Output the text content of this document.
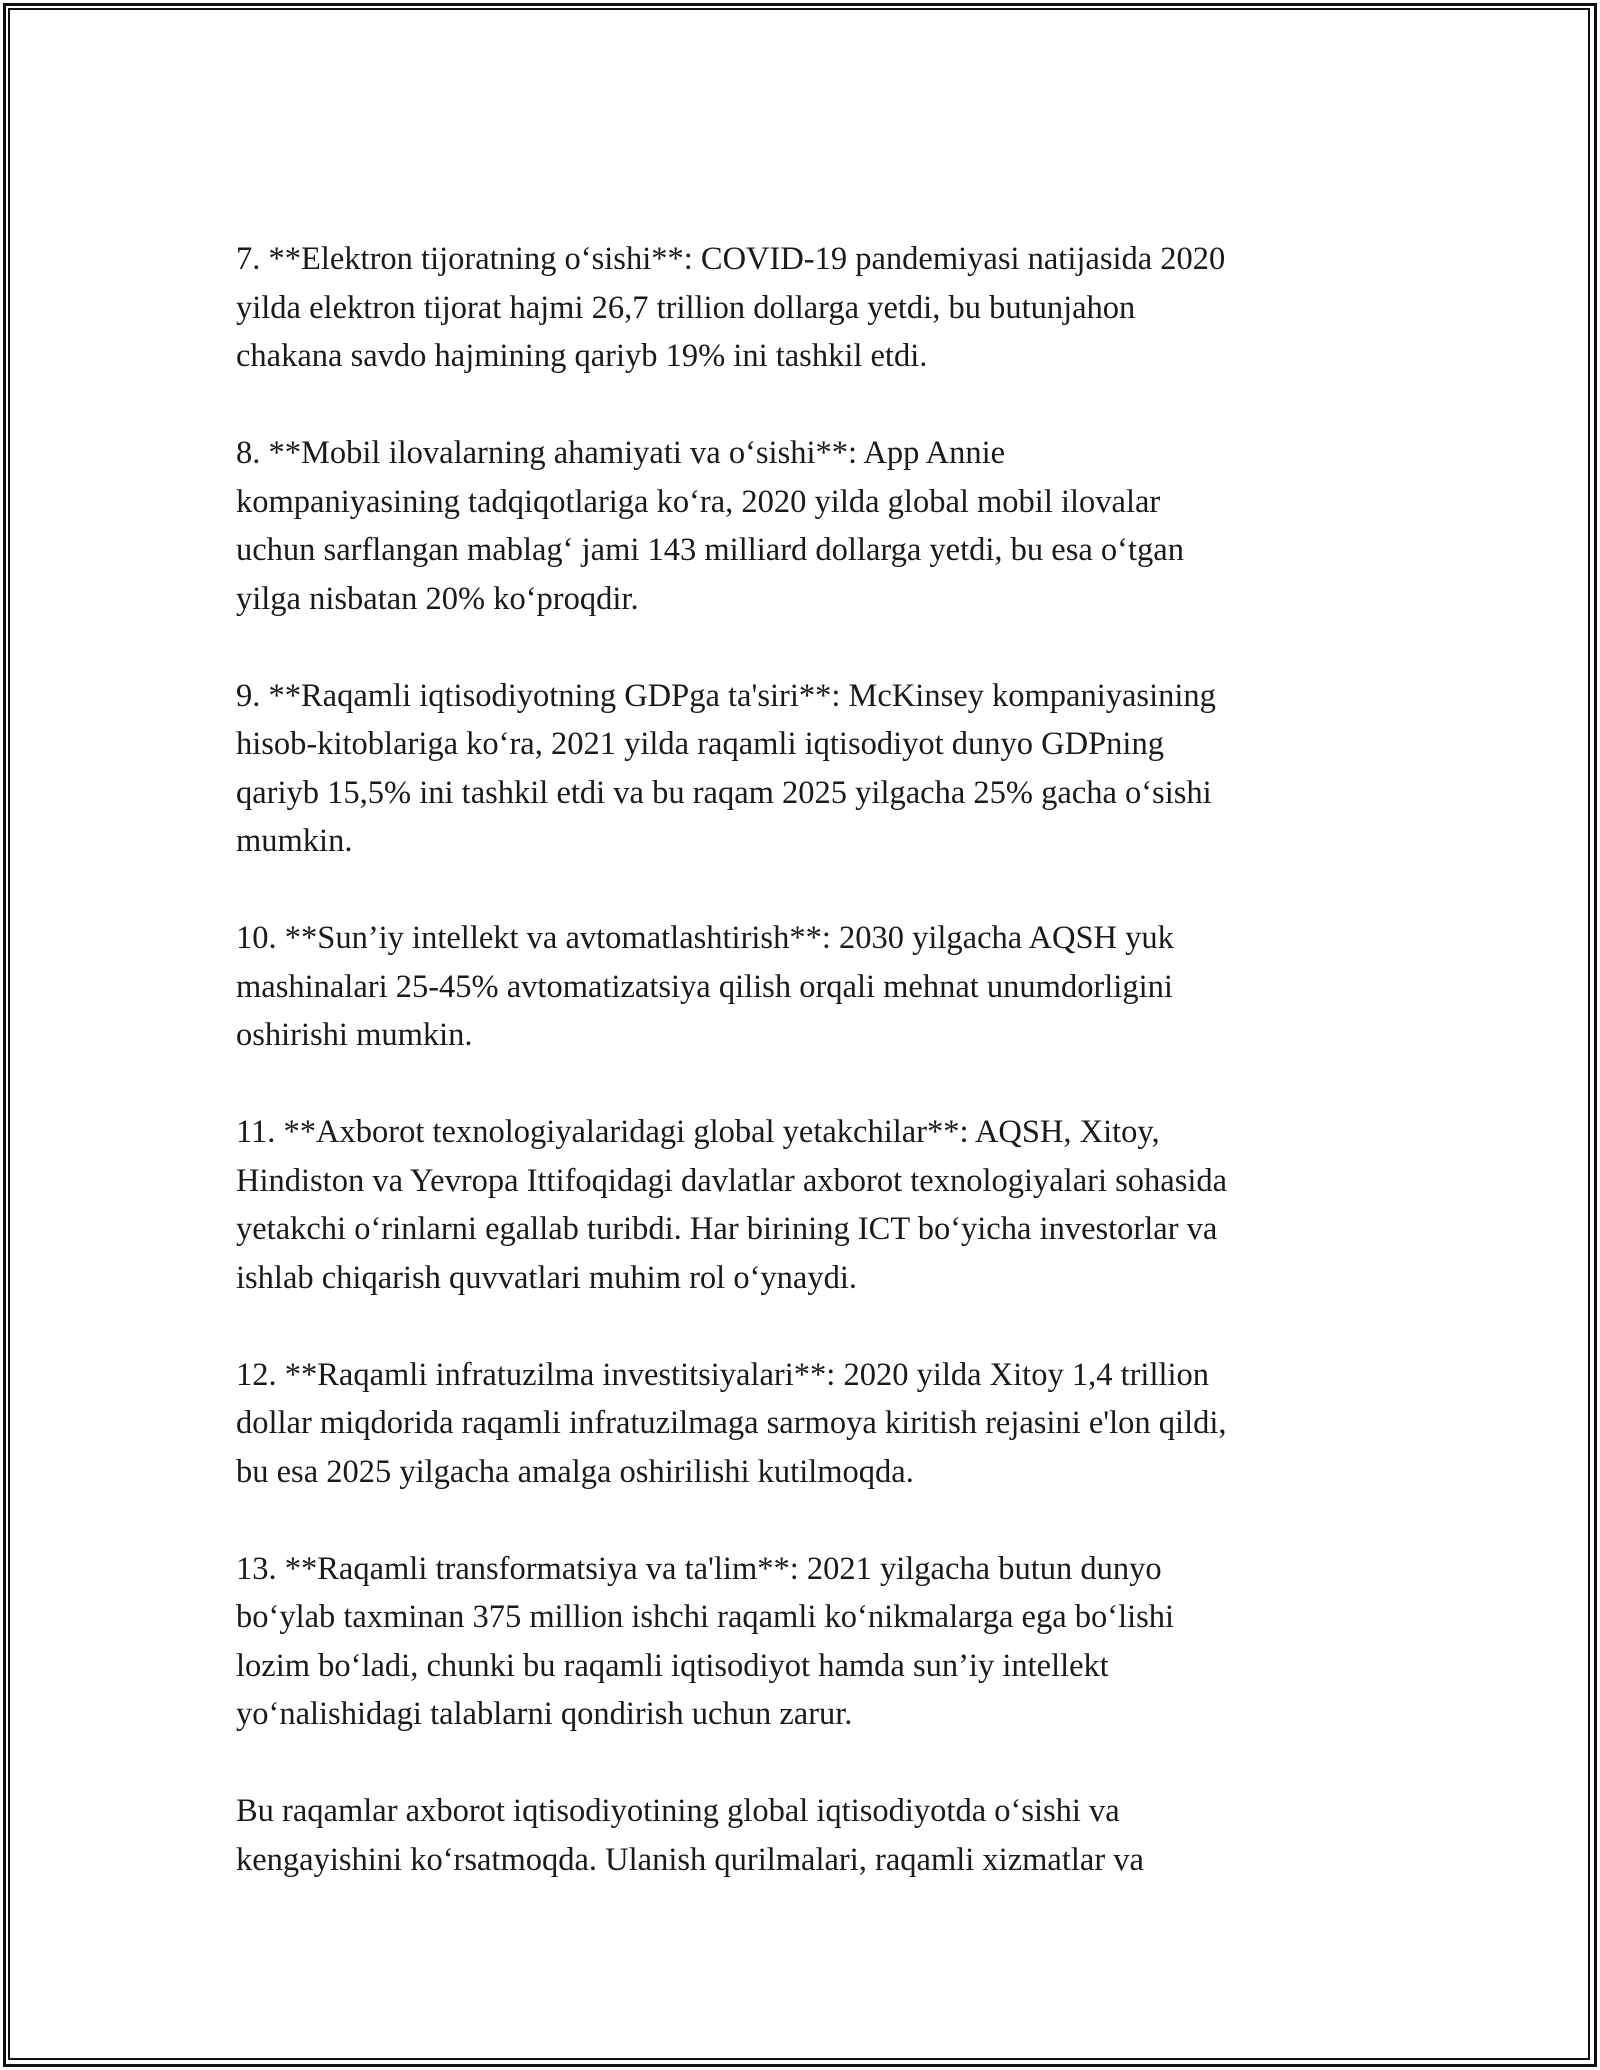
7. **Elektron tijoratning o‘sishi**: COVID-19 pandemiyasi natijasida 2020
yilda elektron tijorat hajmi 26,7 trillion dollarga yetdi, bu butunjahon
chakana savdo hajmining qariyb 19% ini tashkil etdi.

8. **Mobil ilovalarning ahamiyati va o‘sishi**: App Annie
kompaniyasining tadqiqotlariga ko‘ra, 2020 yilda global mobil ilovalar
uchun sarflangan mablag‘ jami 143 milliard dollarga yetdi, bu esa o‘tgan
yilga nisbatan 20% ko‘proqdir.

9. **Raqamli iqtisodiyotning GDPga ta'siri**: McKinsey kompaniyasining
hisob-kitoblariga ko‘ra, 2021 yilda raqamli iqtisodiyot dunyo GDPning
qariyb 15,5% ini tashkil etdi va bu raqam 2025 yilgacha 25% gacha o‘sishi
mumkin.

10. **Sun’iy intellekt va avtomatlashtirish**: 2030 yilgacha AQSH yuk
mashinalari 25-45% avtomatizatsiya qilish orqali mehnat unumdorligini
oshirishi mumkin.

11. **Axborot texnologiyalaridagi global yetakchilar**: AQSH, Xitoy,
Hindiston va Yevropa Ittifoqidagi davlatlar axborot texnologiyalari sohasida
yetakchi o‘rinlarni egallab turibdi. Har birining ICT bo‘yicha investorlar va
ishlab chiqarish quvvatlari muhim rol o‘ynaydi.

12. **Raqamli infratuzilma investitsiyalari**: 2020 yilda Xitoy 1,4 trillion
dollar miqdorida raqamli infratuzilmaga sarmoya kiritish rejasini e'lon qildi,
bu esa 2025 yilgacha amalga oshirilishi kutilmoqda.

13. **Raqamli transformatsiya va ta'lim**: 2021 yilgacha butun dunyo
bo‘ylab taxminan 375 million ishchi raqamli ko‘nikmalarga ega bo‘lishi
lozim bo‘ladi, chunki bu raqamli iqtisodiyot hamda sun’iy intellekt
yo‘nalishidagi talablarni qondirish uchun zarur.

Bu raqamlar axborot iqtisodiyotining global iqtisodiyotda o‘sishi va
kengayishini ko‘rsatmoqda. Ulanish qurilmalari, raqamli xizmatlar va
